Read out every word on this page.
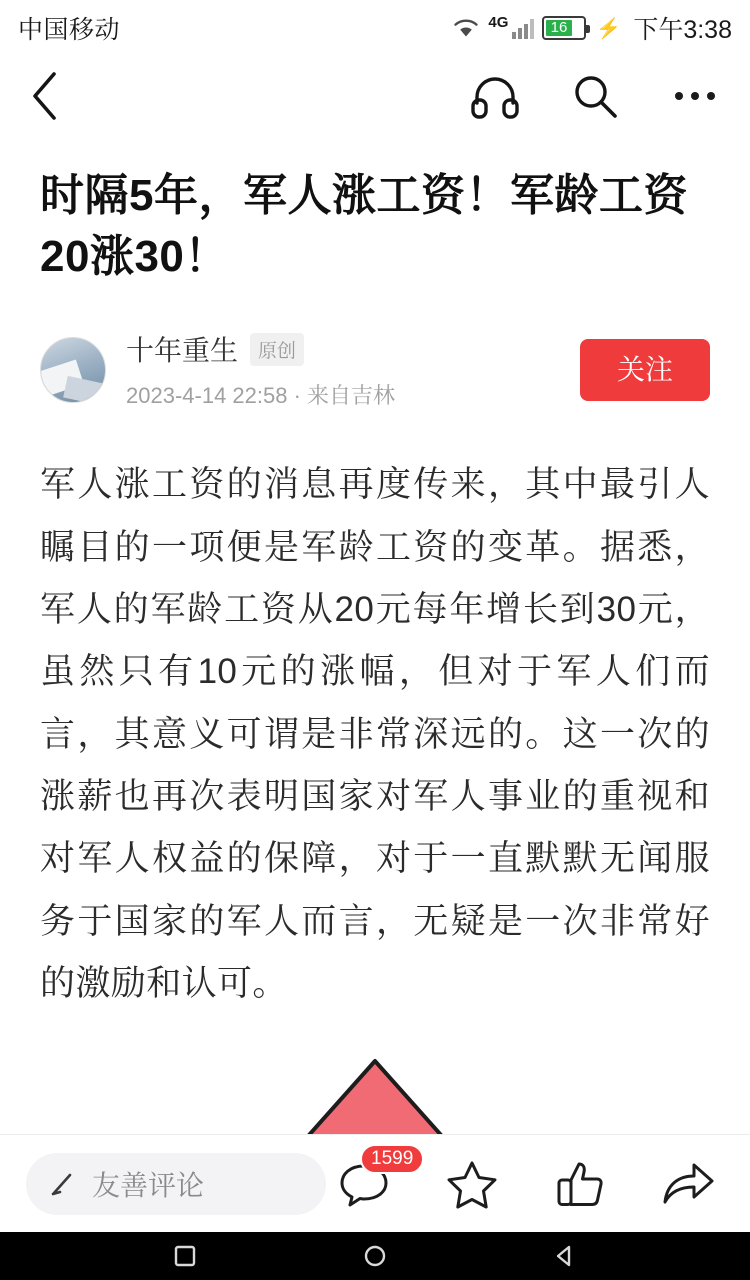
中国移动	4G	16 ⚡ 下午3:38
时隔5年，军人涨工资！军龄工资20涨30！
十年重生	原创
2023-4-14 22:58 · 来自吉林
关注

军人涨工资的消息再度传来，其中最引人瞩目的一项便是军龄工资的变革。据悉，军人的军龄工资从20元每年增长到30元，虽然只有10元的涨幅，但对于军人们而言，其意义可谓是非常深远的。这一次的涨薪也再次表明国家对军人事业的重视和对军人权益的保障，对于一直默默无闻服务于国家的军人而言，无疑是一次非常好的激励和认可。

友善评论
1599
